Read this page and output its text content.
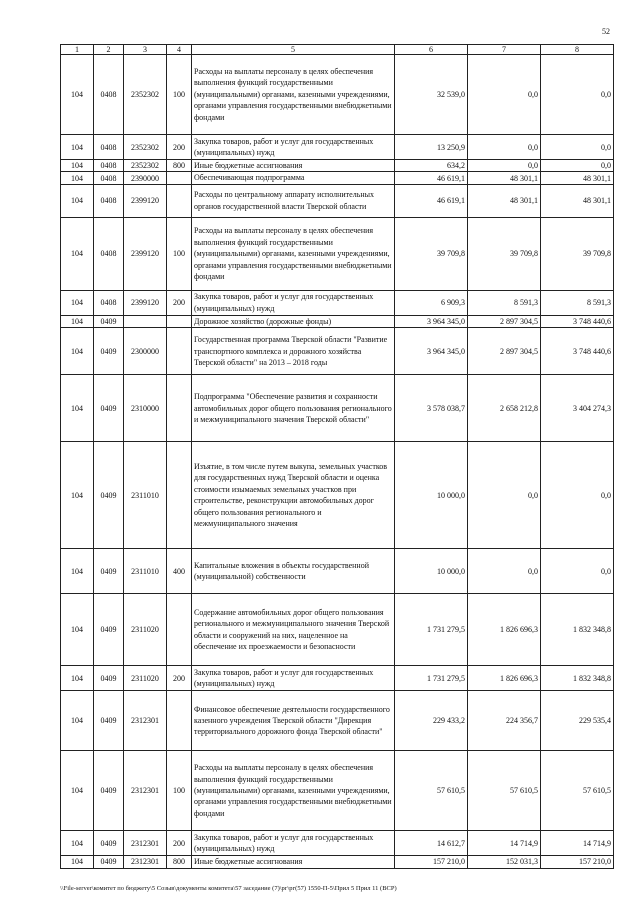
52
1	2	3	4	5	6	7	8
104	0408	2352302	100	Расходы на выплаты персоналу в целях обеспечения выполнения функций государственными (муниципальными) органами, казенными учреждениями, органами управления государственными внебюджетными фондами	32 539,0	0,0	0,0
104	0408	2352302	200	Закупка товаров, работ и услуг для государственных (муниципальных) нужд	13 250,9	0,0	0,0
104	0408	2352302	800	Иные бюджетные ассигнования	634,2	0,0	0,0
104	0408	2390000		Обеспечивающая подпрограмма	46 619,1	48 301,1	48 301,1
104	0408	2399120		Расходы по центральному аппарату исполнительных органов государственной власти Тверской области	46 619,1	48 301,1	48 301,1
104	0408	2399120	100	Расходы на выплаты персоналу в целях обеспечения выполнения функций государственными (муниципальными) органами, казенными учреждениями, органами управления государственными внебюджетными фондами	39 709,8	39 709,8	39 709,8
104	0408	2399120	200	Закупка товаров, работ и услуг для государственных (муниципальных) нужд	6 909,3	8 591,3	8 591,3
104	0409			Дорожное хозяйство (дорожные фонды)	3 964 345,0	2 897 304,5	3 748 440,6
104	0409	2300000		Государственная программа Тверской области "Развитие транспортного комплекса и дорожного хозяйства Тверской области" на 2013 – 2018 годы	3 964 345,0	2 897 304,5	3 748 440,6
104	0409	2310000		Подпрограмма "Обеспечение развития и сохранности автомобильных дорог общего пользования регионального и межмуниципального значения Тверской области"	3 578 038,7	2 658 212,8	3 404 274,3
104	0409	2311010		Изъятие, в том числе путем выкупа, земельных участков для государственных нужд Тверской области и оценка стоимости изымаемых земельных участков при строительстве, реконструкции автомобильных дорог общего пользования регионального и межмуниципального значения	10 000,0	0,0	0,0
104	0409	2311010	400	Капитальные вложения в объекты государственной (муниципальной) собственности	10 000,0	0,0	0,0
104	0409	2311020		Содержание автомобильных дорог общего пользования регионального и межмуниципального значения Тверской области и сооружений на них, нацеленное на обеспечение их проезжаемости и безопасности	1 731 279,5	1 826 696,3	1 832 348,8
104	0409	2311020	200	Закупка товаров, работ и услуг для государственных (муниципальных) нужд	1 731 279,5	1 826 696,3	1 832 348,8
104	0409	2312301		Финансовое обеспечение деятельности государственного казенного учреждения Тверской области "Дирекция территориального дорожного фонда Тверской области"	229 433,2	224 356,7	229 535,4
104	0409	2312301	100	Расходы на выплаты персоналу в целях обеспечения выполнения функций государственными (муниципальными) органами, казенными учреждениями, органами управления государственными внебюджетными фондами	57 610,5	57 610,5	57 610,5
104	0409	2312301	200	Закупка товаров, работ и услуг для государственных (муниципальных) нужд	14 612,7	14 714,9	14 714,9
104	0409	2312301	800	Иные бюджетные ассигнования	157 210,0	152 031,3	157 210,0
\\File-server\комитет по бюджету\5 Созыв\документы комитета\57 заседание (7)\рг\рг(57) 1550-П-5\Прил 5 Прил 11 (ВСР)
